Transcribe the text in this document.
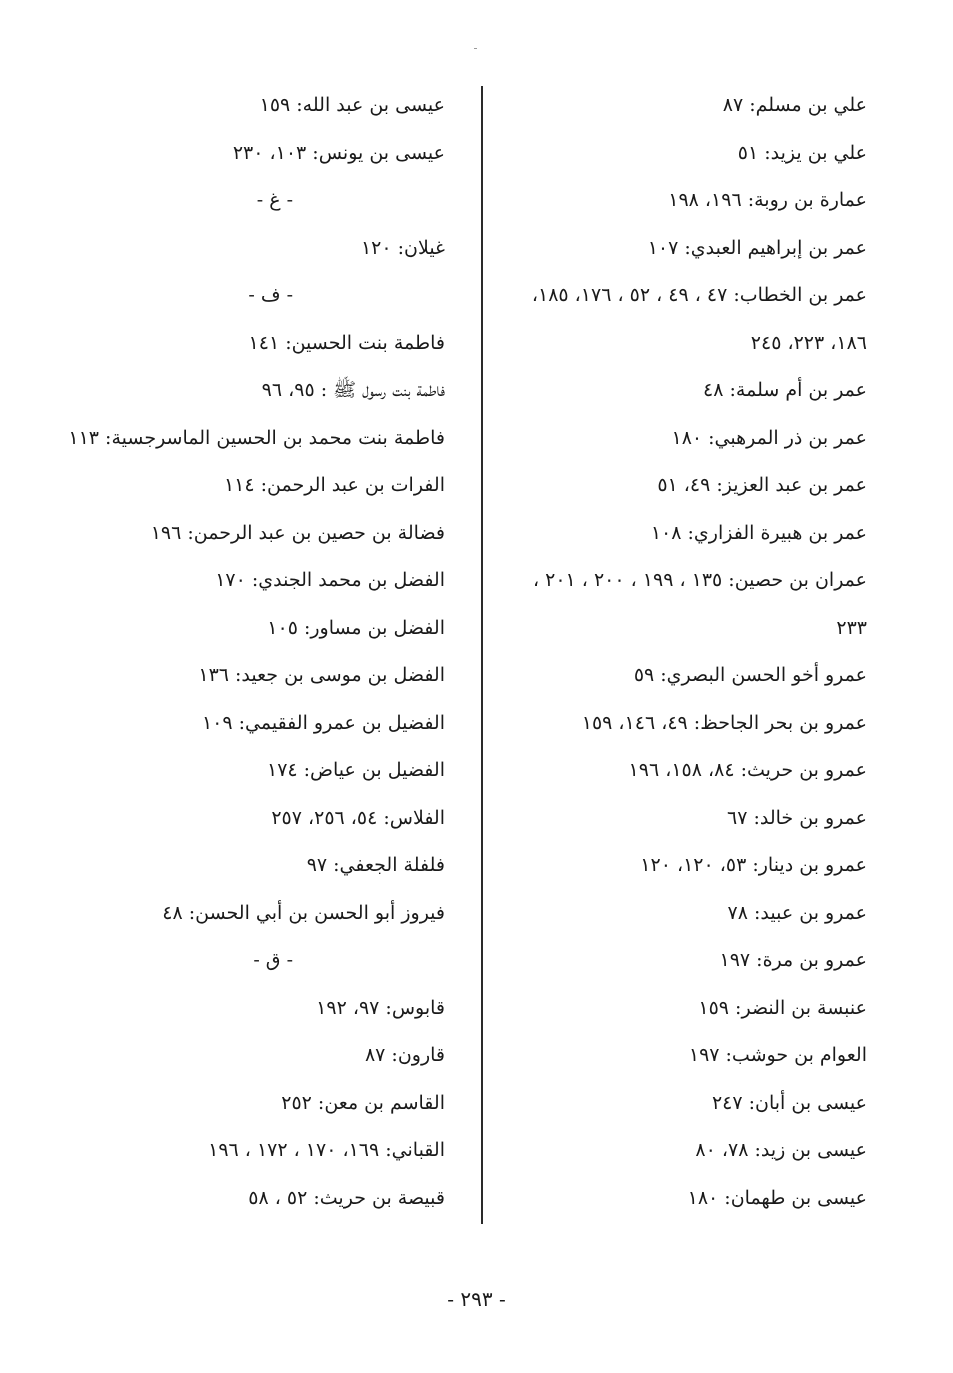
علي بن مسلم: ٨٧
علي بن يزيد: ٥١
عمارة بن روبة: ١٩٦، ١٩٨
عمر بن إبراهيم العبدي: ١٠٧
عمر بن الخطاب: ٤٧ ، ٤٩ ، ٥٢ ، ١٧٦، ١٨٥،
١٨٦، ٢٢٣، ٢٤٥
عمر بن أم سلمة: ٤٨
عمر بن ذر المرهبي: ١٨٠
عمر بن عبد العزيز: ٤٩، ٥١
عمر بن هبيرة الفزاري: ١٠٨
عمران بن حصين: ١٣٥ ، ١٩٩ ، ٢٠٠ ، ٢٠١ ،
٢٣٣
عمرو أخو الحسن البصري: ٥٩
عمرو بن بحر الجاحظ: ٤٩، ١٤٦، ١٥٩
عمرو بن حريث: ٨٤، ١٥٨، ١٩٦
عمرو بن خالد: ٦٧
عمرو بن دينار: ٥٣، ١٢٠، ١٢٠
عمرو بن عبيد: ٧٨
عمرو بن مرة: ١٩٧
عنبسة بن النضر: ١٥٩
العوام بن حوشب: ١٩٧
عيسى بن أبان: ٢٤٧
عيسى بن زيد: ٧٨، ٨٠
عيسى بن طهمان: ١٨٠
عيسى بن عبد الله: ١٥٩
عيسى بن يونس: ١٠٣، ٢٣٠
- غ -
غيلان: ١٢٠
- ف -
فاطمة بنت الحسين: ١٤١
فاطمة بنت رسول ﷺ : ٩٥، ٩٦
فاطمة بنت محمد بن الحسين الماسرجسية: ١١٣
الفرات بن عبد الرحمن: ١١٤
فضالة بن حصين بن عبد الرحمن: ١٩٦
الفضل بن محمد الجندي: ١٧٠
الفضل بن مساور: ١٠٥
الفضل بن موسى بن جعيد: ١٣٦
الفضيل بن عمرو الفقيمي: ١٠٩
الفضيل بن عياض: ١٧٤
الفلاس: ٥٤، ٢٥٦، ٢٥٧
فلفلة الجعفي: ٩٧
فيروز أبو الحسن بن أبي الحسن: ٤٨
- ق -
قابوس: ٩٧، ١٩٢
قارون: ٨٧
القاسم بن معن: ٢٥٢
القباني: ١٦٩، ١٧٠ ، ١٧٢ ، ١٩٦
قبيصة بن حريث: ٥٢ ، ٥٨
- ٢٩٣ -
